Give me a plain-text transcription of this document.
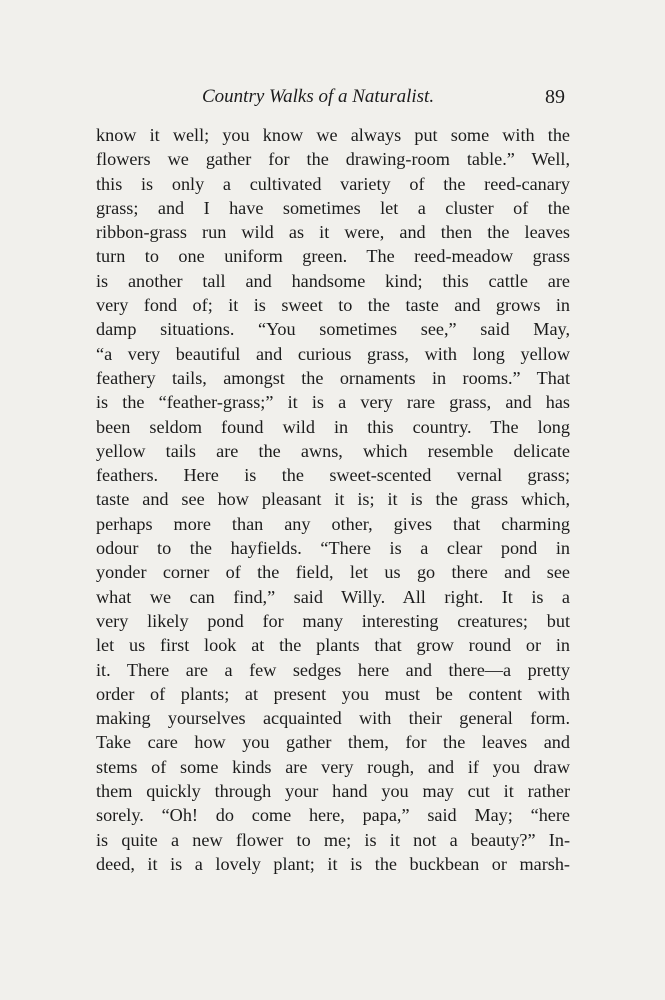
Country Walks of a Naturalist.	89
know it well; you know we always put some with the
flowers we gather for the drawing-room table.” Well,
this is only a cultivated variety of the reed-canary
grass; and I have sometimes let a cluster of the
ribbon-grass run wild as it were, and then the leaves
turn to one uniform green. The reed-meadow grass
is another tall and handsome kind; this cattle are
very fond of; it is sweet to the taste and grows in
damp situations. “You sometimes see,” said May,
“a very beautiful and curious grass, with long yellow
feathery tails, amongst the ornaments in rooms.” That
is the “feather-grass;” it is a very rare grass, and has
been seldom found wild in this country. The long
yellow tails are the awns, which resemble delicate
feathers. Here is the sweet-scented vernal grass;
taste and see how pleasant it is; it is the grass which,
perhaps more than any other, gives that charming
odour to the hayfields. “There is a clear pond in
yonder corner of the field, let us go there and see
what we can find,” said Willy. All right. It is a
very likely pond for many interesting creatures; but
let us first look at the plants that grow round or in
it. There are a few sedges here and there—a pretty
order of plants; at present you must be content with
making yourselves acquainted with their general form.
Take care how you gather them, for the leaves and
stems of some kinds are very rough, and if you draw
them quickly through your hand you may cut it rather
sorely. “Oh! do come here, papa,” said May; “here
is quite a new flower to me; is it not a beauty?” In-
deed, it is a lovely plant; it is the buckbean or marsh-
